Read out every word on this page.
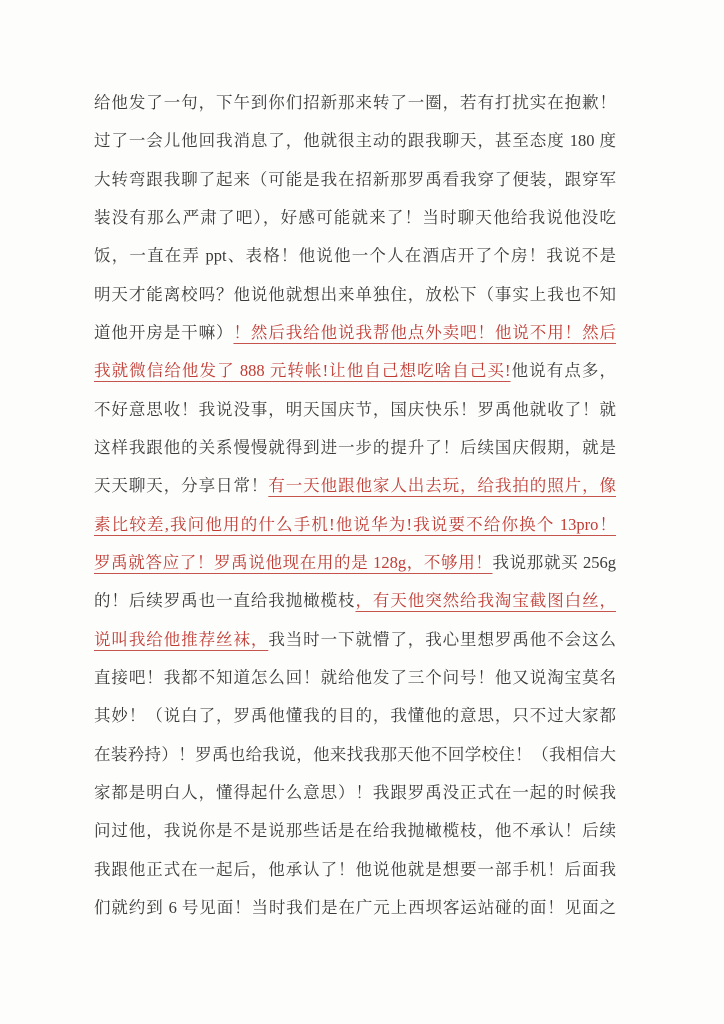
给他发了一句，下午到你们招新那来转了一圈，若有打扰实在抱歉！
过了一会儿他回我消息了，他就很主动的跟我聊天，甚至态度 180 度
大转弯跟我聊了起来（可能是我在招新那罗禹看我穿了便装，跟穿军
装没有那么严肃了吧），好感可能就来了！当时聊天他给我说他没吃
饭，一直在弄 ppt、表格！他说他一个人在酒店开了个房！我说不是
明天才能离校吗？他说他就想出来单独住，放松下（事实上我也不知
道他开房是干嘛）！然后我给他说我帮他点外卖吧！他说不用！然后
我就微信给他发了 888 元转帐!让他自己想吃啥自己买!他说有点多，
不好意思收！我说没事，明天国庆节，国庆快乐！罗禹他就收了！就
这样我跟他的关系慢慢就得到进一步的提升了！后续国庆假期，就是
天天聊天，分享日常！有一天他跟他家人出去玩，给我拍的照片，像
素比较差,我问他用的什么手机!他说华为!我说要不给你换个 13pro！
罗禹就答应了！罗禹说他现在用的是 128g，不够用！我说那就买 256g
的！后续罗禹也一直给我抛橄榄枝，有天他突然给我淘宝截图白丝，
说叫我给他推荐丝袜，我当时一下就懵了，我心里想罗禹他不会这么
直接吧！我都不知道怎么回！就给他发了三个问号！他又说淘宝莫名
其妙！（说白了，罗禹他懂我的目的，我懂他的意思，只不过大家都
在装矜持）！罗禹也给我说，他来找我那天他不回学校住！（我相信大
家都是明白人，懂得起什么意思）！我跟罗禹没正式在一起的时候我
问过他，我说你是不是说那些话是在给我抛橄榄枝，他不承认！后续
我跟他正式在一起后，他承认了！他说他就是想要一部手机！后面我
们就约到 6 号见面！当时我们是在广元上西坝客运站碰的面！见面之
